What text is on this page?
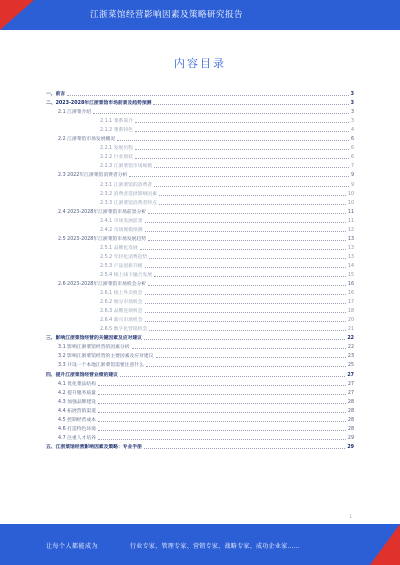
江浙菜馆经营影响因素及策略研究报告
内容目录
一、前言	3
二、2023-2028年江浙菜馆市场前景及趋势预测	3
2.1 江浙菜介绍	3
2.1.1 菜系简介	3
2.1.2 菜系特色	4
2.2 江浙菜馆市场发展概况	6
2.2.1 发展历程	6
2.2.2 行业现状	6
2.2.3 江浙菜馆市场规模	7
2.3 2022年江浙菜馆消费者分析	9
2.3.1 江浙菜馆的消费者	9
2.3.2 消费者选择影响因素	10
2.3.3 江浙菜馆消费者特点	10
2.4 2023-2028年江浙菜馆市场前景分析	11
2.4.1 市场发展前景	11
2.4.2 市场规模预测	12
2.5 2023-2028年江浙菜馆市场发展趋势	13
2.5.1 品牌化发展	13
2.5.2 年轻化消费趋势	13
2.5.3 产品创新升级	14
2.5.4 线上线下融合发展	15
2.6 2023-2028年江浙菜馆市场机会分析	16
2.6.1 线上外卖机会	16
2.6.2 细分市场机会	17
2.6.3 品牌连锁机会	18
2.6.4 新兴市场机会	20
2.6.5 数字化营销机会	21
三、影响江浙菜馆经营的关键因素及应对建议	22
3.1 影响江浙菜馆经营的因素分析	22
3.2 影响江浙菜馆经营的主要因素及应对建议	23
3.3 开设一个本地江浙菜馆需要注意什么	25
四、提升江浙菜馆经营业绩的建议	27
4.1 优化菜品结构	27
4.2 提升服务质量	27
4.3 加强品牌建设	28
4.4 拓展营销渠道	28
4.5 控制经营成本	28
4.6 打造特色环境	28
4.7 注重人才培养	29
五、江浙菜馆经营影响因素及策略：专业手册	29
1
让每个人都能成为	行业专家、管理专家、营销专家、战略专家、成功企业家……
